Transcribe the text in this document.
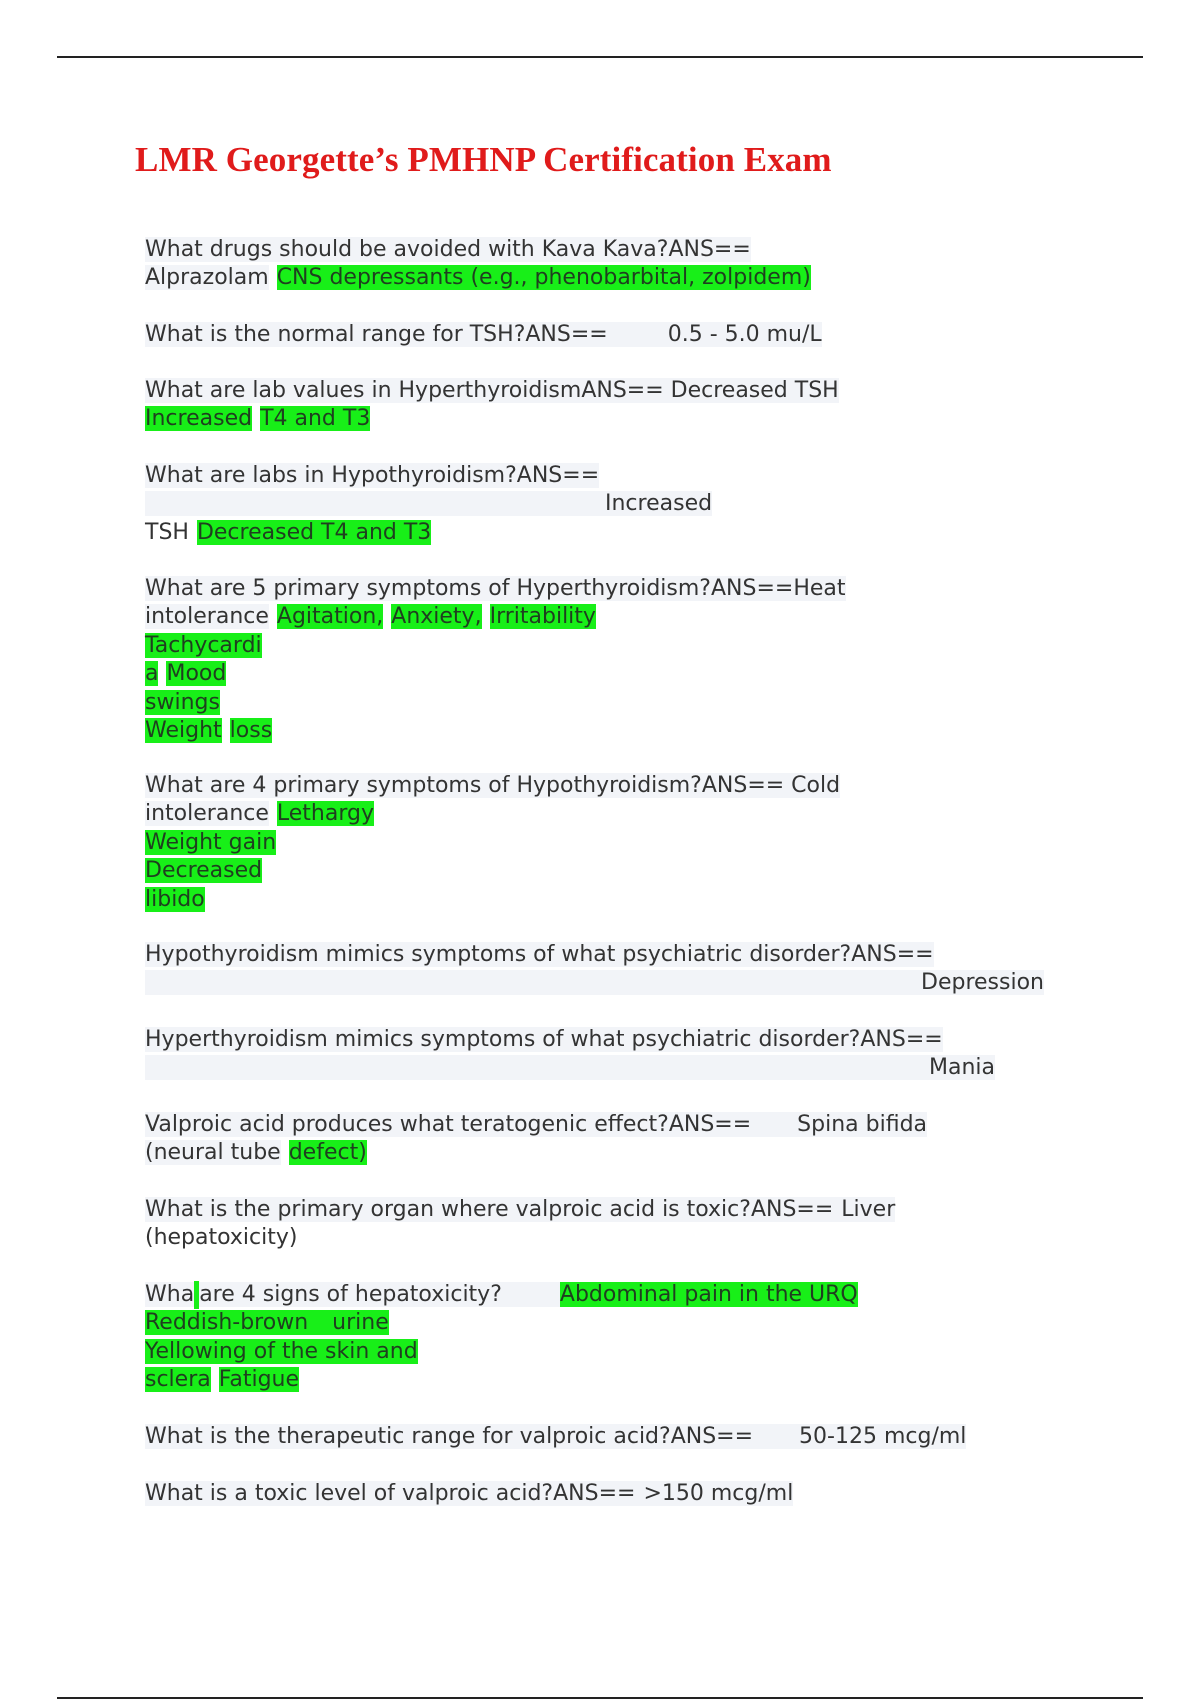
LMR Georgette’s PMHNP Certification Exam
What drugs should be avoided with Kava Kava?ANS==
Alprazolam CNS depressants (e.g., phenobarbital, zolpidem)
What is the normal range for TSH?ANS==	0.5 - 5.0 mu/L
What are lab values in HyperthyroidismANS== Decreased TSH
Increased T4 and T3
What are labs in Hypothyroidism?ANS==
Increased
TSH Decreased T4 and T3
What are 5 primary symptoms of Hyperthyroidism?ANS==Heat
intolerance Agitation, Anxiety, Irritability
Tachycardi
a Mood
swings
Weight loss
What are 4 primary symptoms of Hypothyroidism?ANS== Cold
intolerance Lethargy
Weight gain
Decreased
libido
Hypothyroidism mimics symptoms of what psychiatric disorder?ANS==
Depression
Hyperthyroidism mimics symptoms of what psychiatric disorder?ANS==
Mania
Valproic acid produces what teratogenic effect?ANS== Spina bifida
(neural tube defect)
What is the primary organ where valproic acid is toxic?ANS== Liver
(hepatoxicity)
Wha are 4 signs of hepatoxicity?	Abdominal pain in the URQ
Reddish-brown urine
Yellowing of the skin and
sclera Fatigue
What is the therapeutic range for valproic acid?ANS== 50-125 mcg/ml
What is a toxic level of valproic acid?ANS== >150 mcg/ml
